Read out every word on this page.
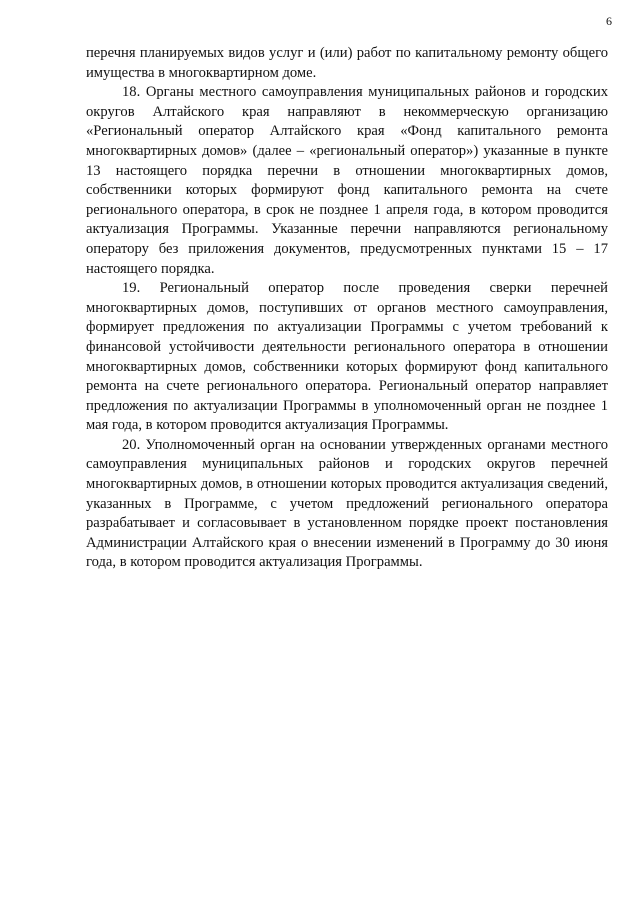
6

перечня планируемых видов услуг и (или) работ по капитальному ремонту общего имущества в многоквартирном доме.

18. Органы местного самоуправления муниципальных районов и городских округов Алтайского края направляют в некоммерческую организацию «Региональный оператор Алтайского края «Фонд капитального ремонта многоквартирных домов» (далее – «региональный оператор») указанные в пункте 13 настоящего порядка перечни в отношении многоквартирных домов, собственники которых формируют фонд капитального ремонта на счете регионального оператора, в срок не позднее 1 апреля года, в котором проводится актуализация Программы. Указанные перечни направляются региональному оператору без приложения документов, предусмотренных пунктами 15 – 17 настоящего порядка.

19. Региональный оператор после проведения сверки перечней многоквартирных домов, поступивших от органов местного самоуправления, формирует предложения по актуализации Программы с учетом требований к финансовой устойчивости деятельности регионального оператора в отношении многоквартирных домов, собственники которых формируют фонд капитального ремонта на счете регионального оператора. Региональный оператор направляет предложения по актуализации Программы в уполномоченный орган не позднее 1 мая года, в котором проводится актуализация Программы.

20. Уполномоченный орган на основании утвержденных органами местного самоуправления муниципальных районов и городских округов перечней многоквартирных домов, в отношении которых проводится актуализация сведений, указанных в Программе, с учетом предложений регионального оператора разрабатывает и согласовывает в установленном порядке проект постановления Администрации Алтайского края о внесении изменений в Программу до 30 июня года, в котором проводится актуализация Программы.
